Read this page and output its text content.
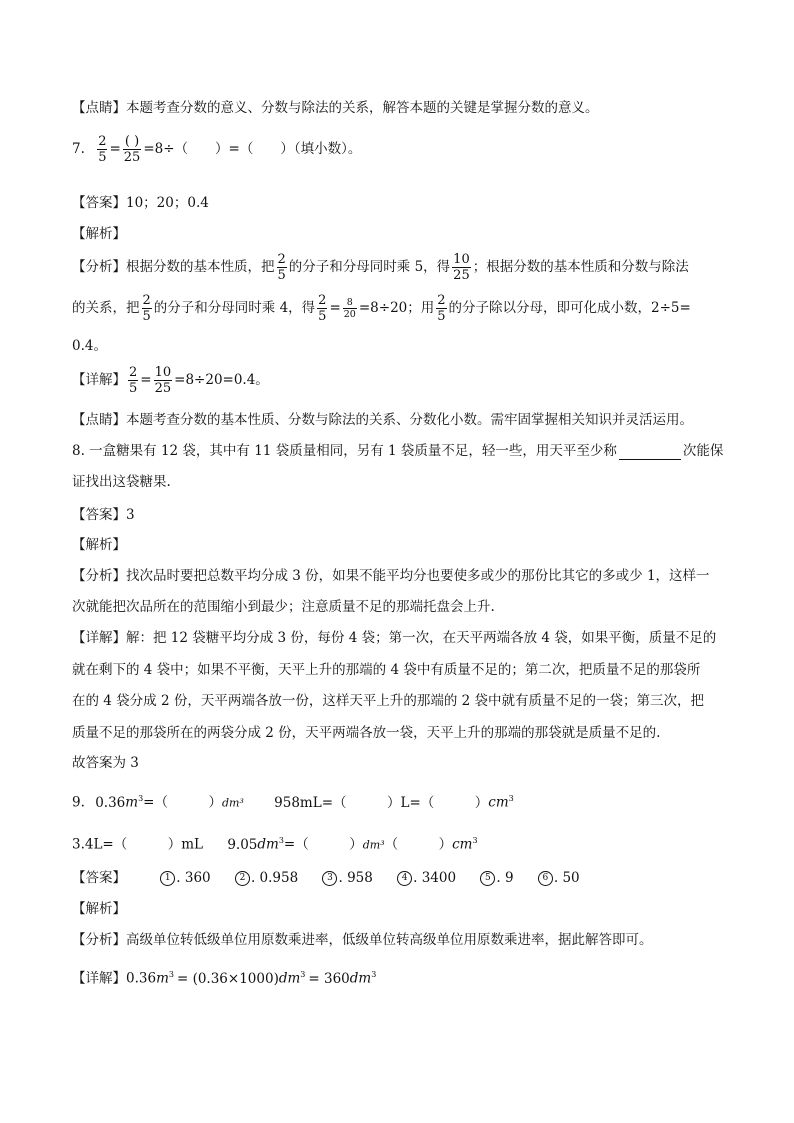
【点睛】本题考查分数的意义、分数与除法的关系，解答本题的关键是掌握分数的意义。
7. $\frac{2}{5} = \frac{( )}{25} =8\div$（　　）=（　　）（填小数）。
【答案】10；20；0.4
【解析】
【分析】根据分数的基本性质，把 $\frac{2}{5}$ 的分子和分母同时乘 5，得 $\frac{10}{25}$ ；根据分数的基本性质和分数与除法
的关系，把 $\frac{2}{5}$ 的分子和分母同时乘 4，得 $\frac{2}{5} = \frac{8}{20} =8\div 20$；用 $\frac{2}{5}$ 的分子除以分母，即可化成小数，2÷5=
0.4。
【详解】 $\frac{2}{5} = \frac{10}{25} =8\div 20=0.4$。
【点睛】本题考查分数的基本性质、分数与除法的关系、分数化小数。需牢固掌握相关知识并灵活运用。
8. 一盒糖果有 12 袋，其中有 11 袋质量相同，另有 1 袋质量不足，轻一些，用天平至少称	次能保
证找出这袋糖果.
【答案】3
【解析】
【分析】找次品时要把总数平均分成 3 份，如果不能平均分也要使多或少的那份比其它的多或少 1，这样一
次就能把次品所在的范围缩小到最少；注意质量不足的那端托盘会上升.
【详解】解：把 12 袋糖平均分成 3 份，每份 4 袋；第一次，在天平两端各放 4 袋，如果平衡，质量不足的
就在剩下的 4 袋中；如果不平衡，天平上升的那端的 4 袋中有质量不足的；第二次，把质量不足的那袋所
在的 4 袋分成 2 份，天平两端各放一份，这样天平上升的那端的 2 袋中就有质量不足的一袋；第三次，把
质量不足的那袋所在的两袋分成 2 份，天平两端各放一袋，天平上升的那端的那袋就是质量不足的.
故答案为 3
9. $0.36m^3=$（　　　）dm³ 958mL=（　　　）L=（　　　）$cm^3$
3.4L=（　　　）mL $9.05dm^3=$（　　　）dm³（　　　）$cm^3$
【答案】	1 . 360	2 . 0.958	3 . 958	4 . 3400	5 . 9	6 . 50
【解析】
【分析】高级单位转低级单位用原数乘进率，低级单位转高级单位用原数乘进率，据此解答即可。
【详解】$0.36m^3 = (0.36\times 1000)dm^3 = 360dm^3$
